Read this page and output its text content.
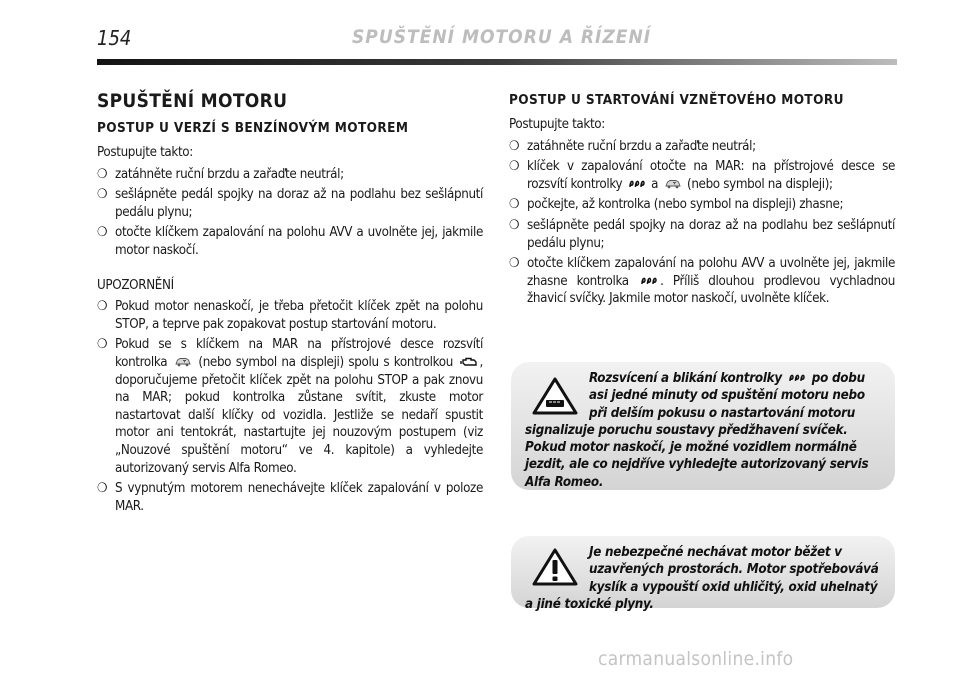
154	SPUŠTĚNÍ MOTORU A ŘÍZENÍ
SPUŠTĚNÍ MOTORU
POSTUP U VERZÍ S BENZÍNOVÝM MOTOREM

Postupujte takto:

❍ zatáhněte ruční brzdu a zařaďte neutrál;
❍ sešlápněte pedál spojky na doraz až na podlahu bez sešlápnutí pedálu plynu;
❍ otočte klíčkem zapalování na polohu AVV a uvolněte jej, jakmile motor naskočí.

UPOZORNĚNÍ

❍ Pokud motor nenaskočí, je třeba přetočit klíček zpět na polohu STOP, a teprve pak zopakovat postup startování motoru.
❍ Pokud se s klíčkem na MAR na přístrojové desce rozsvítí kontrolka (nebo symbol na displeji) spolu s kontrolkou , doporučujeme přetočit klíček zpět na polohu STOP a pak znovu na MAR; pokud kontrolka zůstane svítit, zkuste motor nastartovat další klíčky od vozidla. Jestliže se nedaří spustit motor ani tentokrát, nastartujte jej nouzovým postupem (viz „Nouzové spuštění motoru“ ve 4. kapitole) a vyhledejte autorizovaný servis Alfa Romeo.
❍ S vypnutým motorem nenechávejte klíček zapalování v poloze MAR.
POSTUP U STARTOVÁNÍ VZNĚTOVÉHO MOTORU

Postupujte takto:

❍ zatáhněte ruční brzdu a zařaďte neutrál;
❍ klíček v zapalování otočte na MAR: na přístrojové desce se rozsvítí kontrolky a (nebo symbol na displeji);
❍ počkejte, až kontrolka (nebo symbol na displeji) zhasne;
❍ sešlápněte pedál spojky na doraz až na podlahu bez sešlápnutí pedálu plynu;
❍ otočte klíčkem zapalování na polohu AVV a uvolněte jej, jakmile zhasne kontrolka . Příliš dlouhou prodlevou vychladnou žhavicí svíčky. Jakmile motor naskočí, uvolněte klíček.
Rozsvícení a blikání kontrolky po dobu asi jedné minuty od spuštění motoru nebo při delším pokusu o nastartování motoru signalizuje poruchu soustavy předžhavení svíček. Pokud motor naskočí, je možné vozidlem normálně jezdit, ale co nejdříve vyhledejte autorizovaný servis Alfa Romeo.
Je nebezpečné nechávat motor běžet v uzavřených prostorách. Motor spotřebovává kyslík a vypouští oxid uhličitý, oxid uhelnatý a jiné toxické plyny.
carmanualsonline.info
